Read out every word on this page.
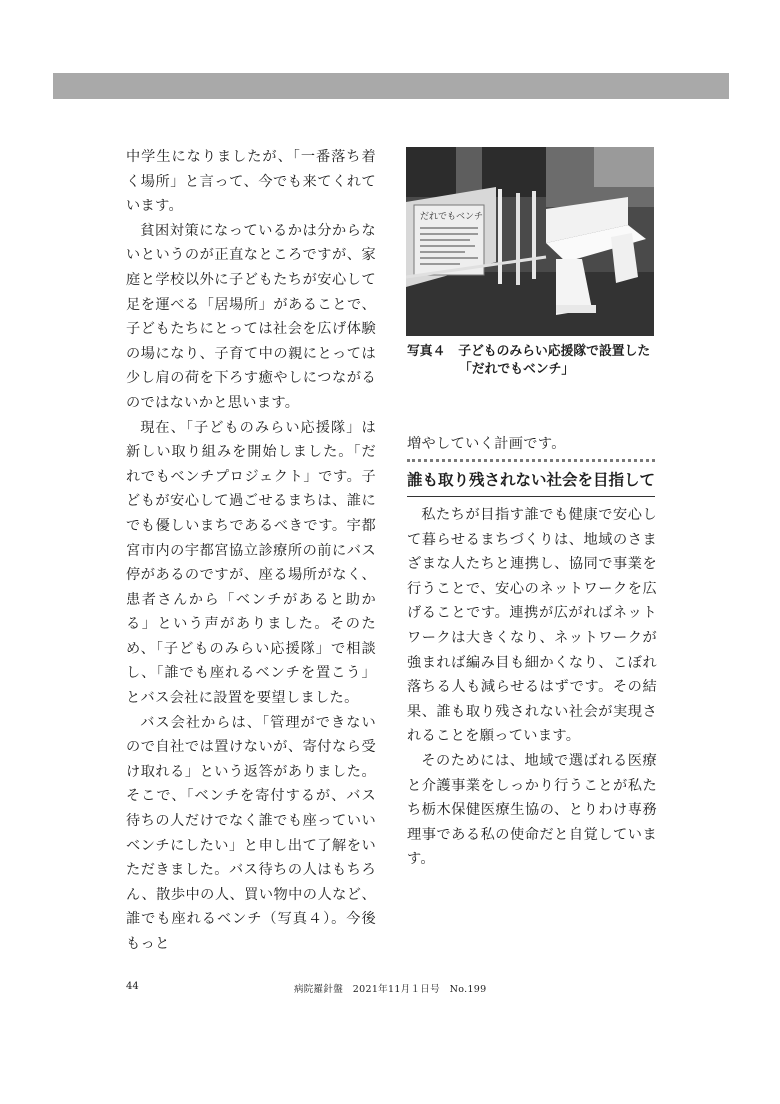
中学生になりましたが、「一番落ち着く場所」と言って、今でも来てくれています。

貧困対策になっているかは分からないというのが正直なところですが、家庭と学校以外に子どもたちが安心して足を運べる「居場所」があることで、子どもたちにとっては社会を広げ体験の場になり、子育て中の親にとっては少し肩の荷を下ろす癒やしにつながるのではないかと思います。

現在、「子どものみらい応援隊」は新しい取り組みを開始しました。「だれでもベンチプロジェクト」です。子どもが安心して過ごせるまちは、誰にでも優しいまちであるべきです。宇都宮市内の宇都宮協立診療所の前にバス停があるのですが、座る場所がなく、患者さんから「ベンチがあると助かる」という声がありました。そのため、「子どものみらい応援隊」で相談し、「誰でも座れるベンチを置こう」とバス会社に設置を要望しました。

バス会社からは、「管理ができないので自社では置けないが、寄付なら受け取れる」という返答がありました。そこで、「ベンチを寄付するが、バス待ちの人だけでなく誰でも座っていいベンチにしたい」と申し出て了解をいただきました。バス待ちの人はもちろん、散歩中の人、買い物中の人など、誰でも座れるベンチ（写真４）。今後もっと

だれでもベンチ
写真４　子どものみらい応援隊で設置した
「だれでもベンチ」

増やしていく計画です。

誰も取り残されない社会を目指して

私たちが目指す誰でも健康で安心して暮らせるまちづくりは、地域のさまざまな人たちと連携し、協同で事業を行うことで、安心のネットワークを広げることです。連携が広がればネットワークは大きくなり、ネットワークが強まれば編み目も細かくなり、こぼれ落ちる人も減らせるはずです。その結果、誰も取り残されない社会が実現されることを願っています。

そのためには、地域で選ばれる医療と介護事業をしっかり行うことが私たち栃木保健医療生協の、とりわけ専務理事である私の使命だと自覚しています。

44	病院羅針盤　2021年11月１日号　No.199
